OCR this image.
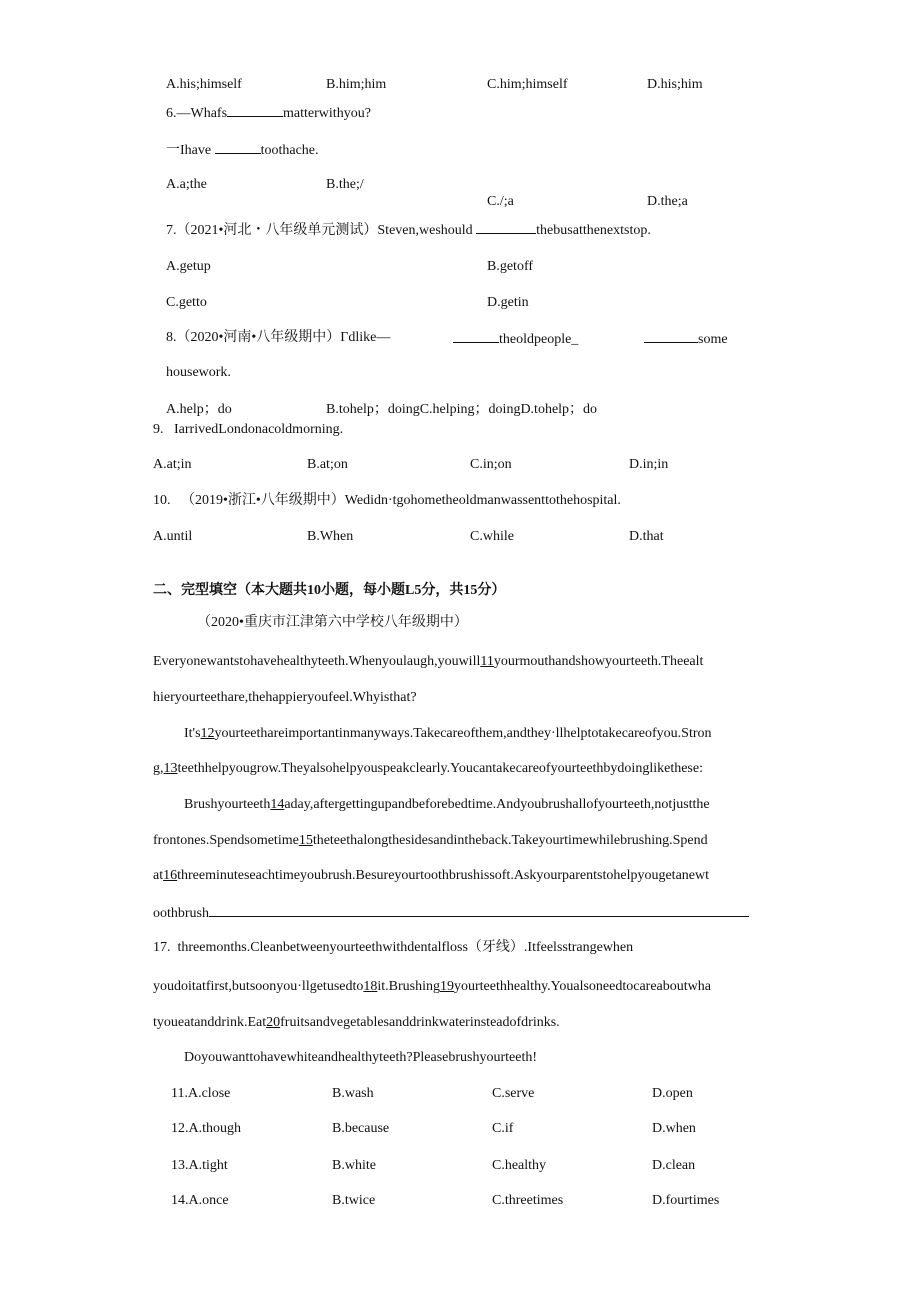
A.his;himself	B.him;him	C.him;himself	D.his;him
6.—Whafs	matterwithyou?
一Ihave	toothache.
A.a;the	B.the;/
C./;a	D.the;a
7.（2021•河北・八年级单元测试）Steven,weshould	thebusatthenextstop.
A.getup	B.getoff
C.getto	D.getin
8.（2020•河南•八年级期中）Γdlike—	theoldpeople_	some
housework.
A.help；do	B.tohelp；doingC.helping；doingD.tohelp；do
9.   IarrivedLondonacoldmorning.
A.at;in	B.at;on	C.in;on	D.in;in
10.   （2019•浙江•八年级期中）Wedidn·tgohometheoldmanwassenttothehospital.
A.until	B.When	C.while	D.that
二、完型填空（本大题共10小题，每小题L5分，共15分）
（2020•重庆市江津第六中学校八年级期中）
Everyonewantstohavehealthyteeth.Whenyoulaugh,youwill11yourmouthandshowyourteeth.Theealt
hieryourteethare,thehappieryoufeel.Whyisthat?
It's12yourteethareimportantinmanyways.Takecareofthem,andthey·llhelptotakecareofyou.Stron
g,13teethhelpyougrow.Theyalsohelpyouspeakclearly.Youcantakecareofyourteethbydoinglikethese:
Brushyourteeth14aday,aftergettingupandbeforebedtime.Andyoubrushallofyourteeth,notjustthe
frontones.Spendsometime15theteethalongthesidesandintheback.Takeyourtimewhilebrushing.Spend
at16threeminuteseachtimeyoubrush.Besureyourtoothbrushissoft.Askyourparentstohelpyougetanewt
oothbrush
17.  threemonths.Cleanbetweenyourteethwithdentalfloss（牙线）.Itfeelsstrangewhen
youdoitatfirst,butsoonyou·llgetusedto18it.Brushing19yourteethhealthy.Youalsoneedtocareaboutwha
tyoueatanddrink.Eat20fruitsandvegetablesanddrinkwaterinsteadofdrinks.
Doyouwanttohavewhiteandhealthyteeth?Pleasebrushyourteeth!
11.A.close	B.wash	C.serve	D.open
12.A.though	B.because	C.if	D.when
13.A.tight	B.white	C.healthy	D.clean
14.A.once	B.twice	C.threetimes	D.fourtimes
